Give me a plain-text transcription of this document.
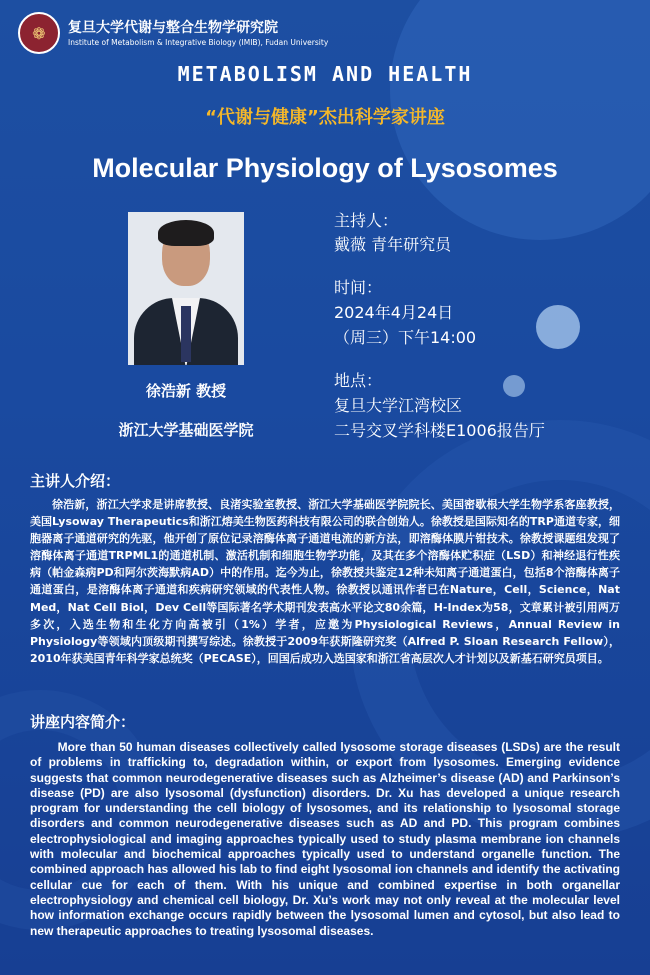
❁ 复旦大学代谢与整合生物学研究院
Institute of Metabolism & Integrative Biology (IMIB), Fudan University
METABOLISM AND HEALTH
“代谢与健康”杰出科学家讲座
Molecular Physiology of Lysosomes
徐浩新 教授
浙江大学基础医学院
主持人：
戴薇 青年研究员
时间：
2024年4月24日
（周三）下午14:00
地点：
复旦大学江湾校区
二号交叉学科楼E1006报告厅
主讲人介绍：
徐浩新，浙江大学求是讲席教授、良渚实验室教授、浙江大学基础医学院院长、美国密歇根大学生物学系客座教授，美国Lysoway Therapeutics和浙江熔美生物医药科技有限公司的联合创始人。徐教授是国际知名的TRP通道专家，细胞器离子通道研究的先驱，他开创了原位记录溶酶体离子通道电流的新方法，即溶酶体膜片钳技术。徐教授课题组发现了溶酶体离子通道TRPML1的通道机制、激活机制和细胞生物学功能，及其在多个溶酶体贮积症（LSD）和神经退行性疾病（帕金森病PD和阿尔茨海默病AD）中的作用。迄今为止，徐教授共鉴定12种未知离子通道蛋白，包括8个溶酶体离子通道蛋白，是溶酶体离子通道和疾病研究领域的代表性人物。徐教授以通讯作者已在Nature，Cell，Science，Nat Med，Nat Cell Biol，Dev Cell等国际著名学术期刊发表高水平论文80余篇，H-Index为58，文章累计被引用两万多次，入选生物和生化方向高被引（1%）学者，应邀为Physiological Reviews，Annual Review in Physiology等领域内顶级期刊撰写综述。徐教授于2009年获斯隆研究奖（Alfred P. Sloan Research Fellow），2010年获美国青年科学家总统奖（PECASE），回国后成功入选国家和浙江省高层次人才计划以及新基石研究员项目。
讲座内容简介：
More than 50 human diseases collectively called lysosome storage diseases (LSDs) are the result of problems in trafficking to, degradation within, or export from lysosomes. Emerging evidence suggests that common neurodegenerative diseases such as Alzheimer’s disease (AD) and Parkinson’s disease (PD) are also lysosomal (dysfunction) disorders. Dr. Xu has developed a unique research program for understanding the cell biology of lysosomes, and its relationship to lysosomal storage disorders and common neurodegenerative diseases such as AD and PD. This program combines electrophysiological and imaging approaches typically used to study plasma membrane ion channels with molecular and biochemical approaches typically used to understand organelle function. The combined approach has allowed his lab to find eight lysosomal ion channels and identify the activating cellular cue for each of them. With his unique and combined expertise in both organellar electrophysiology and chemical cell biology, Dr. Xu’s work may not only reveal at the molecular level how information exchange occurs rapidly between the lysosomal lumen and cytosol, but also lead to new therapeutic approaches to treating lysosomal diseases.
